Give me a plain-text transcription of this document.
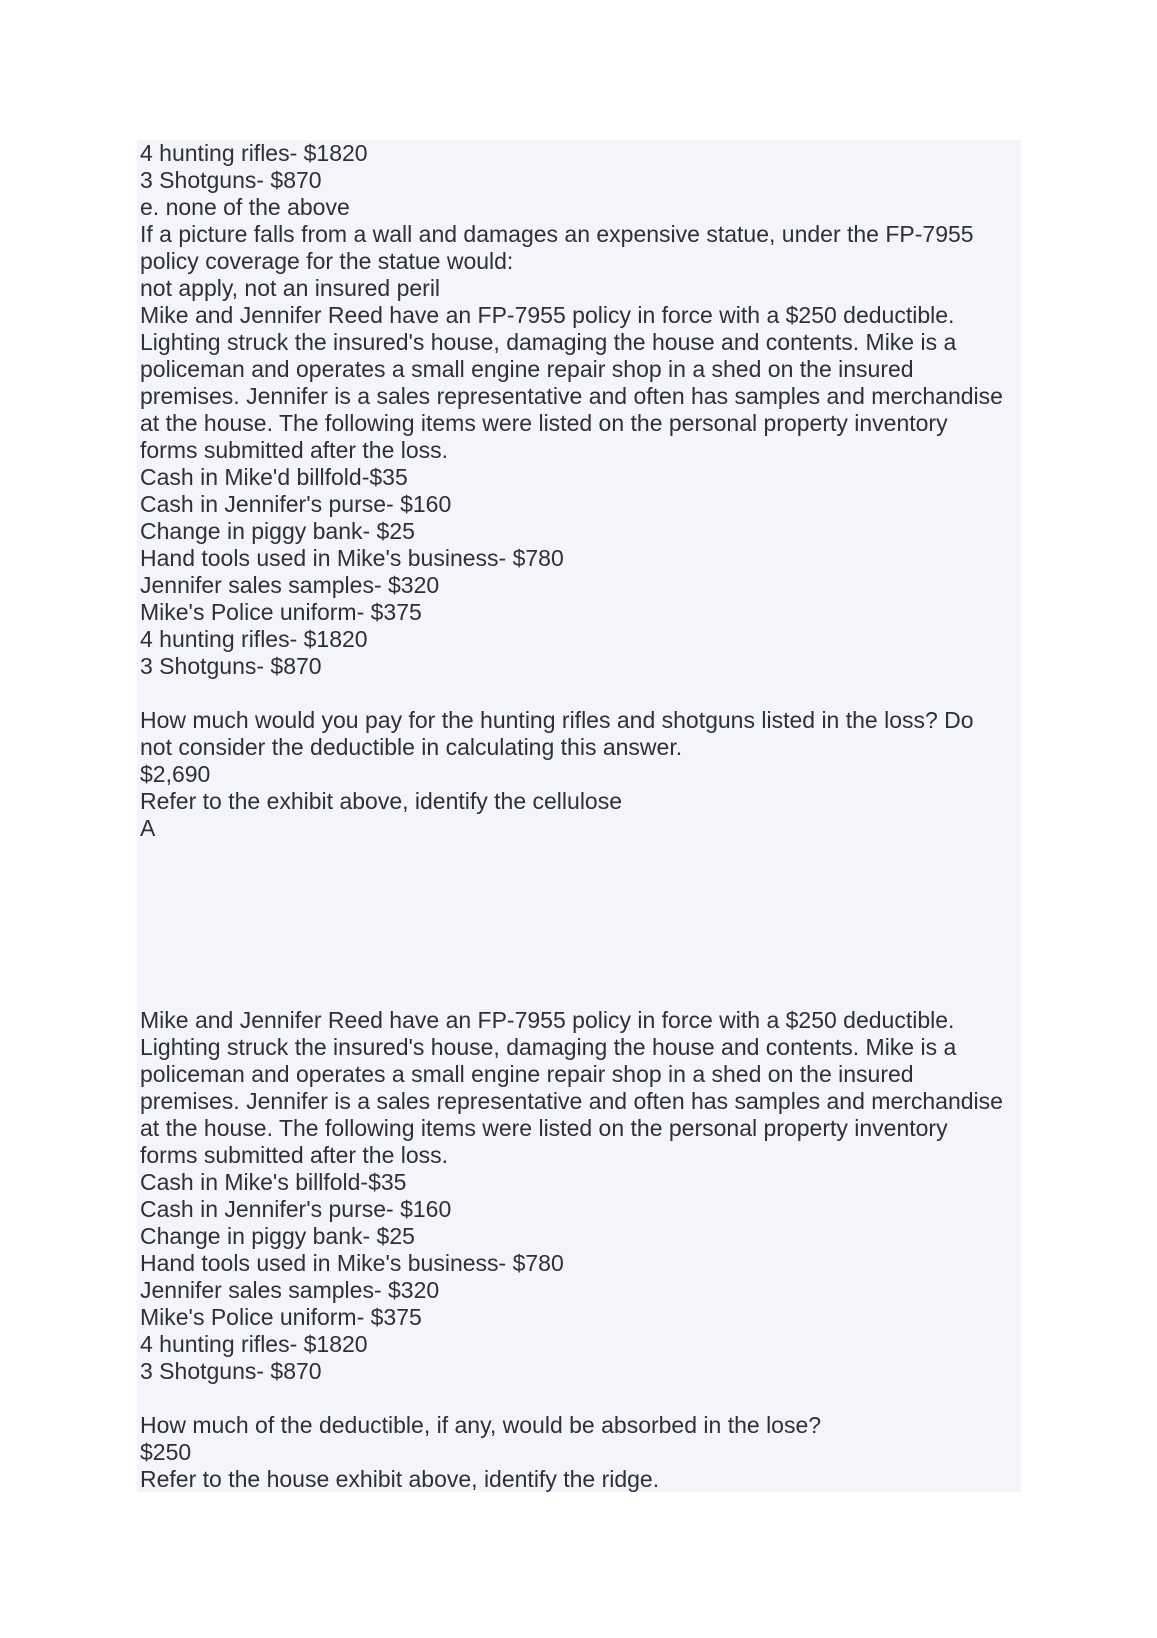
4 hunting rifles- $1820
3 Shotguns- $870
e. none of the above
If a picture falls from a wall and damages an expensive statue, under the FP-7955
policy coverage for the statue would:
not apply, not an insured peril
Mike and Jennifer Reed have an FP-7955 policy in force with a $250 deductible.
Lighting struck the insured's house, damaging the house and contents. Mike is a
policeman and operates a small engine repair shop in a shed on the insured
premises. Jennifer is a sales representative and often has samples and merchandise
at the house. The following items were listed on the personal property inventory
forms submitted after the loss.
Cash in Mike'd billfold-$35
Cash in Jennifer's purse- $160
Change in piggy bank- $25
Hand tools used in Mike's business- $780
Jennifer sales samples- $320
Mike's Police uniform- $375
4 hunting rifles- $1820
3 Shotguns- $870
How much would you pay for the hunting rifles and shotguns listed in the loss? Do
not consider the deductible in calculating this answer.
$2,690
Refer to the exhibit above, identify the cellulose
A
Mike and Jennifer Reed have an FP-7955 policy in force with a $250 deductible.
Lighting struck the insured's house, damaging the house and contents. Mike is a
policeman and operates a small engine repair shop in a shed on the insured
premises. Jennifer is a sales representative and often has samples and merchandise
at the house. The following items were listed on the personal property inventory
forms submitted after the loss.
Cash in Mike's billfold-$35
Cash in Jennifer's purse- $160
Change in piggy bank- $25
Hand tools used in Mike's business- $780
Jennifer sales samples- $320
Mike's Police uniform- $375
4 hunting rifles- $1820
3 Shotguns- $870
How much of the deductible, if any, would be absorbed in the lose?
$250
Refer to the house exhibit above, identify the ridge.
